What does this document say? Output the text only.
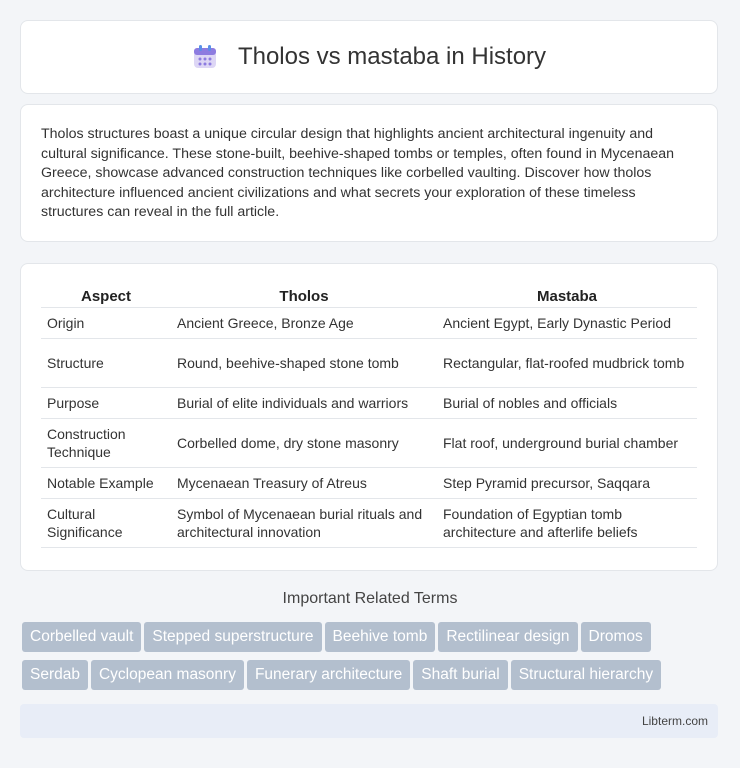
Tholos vs mastaba in History

Tholos structures boast a unique circular design that highlights ancient architectural ingenuity and cultural significance. These stone-built, beehive-shaped tombs or temples, often found in Mycenaean Greece, showcase advanced construction techniques like corbelled vaulting. Discover how tholos architecture influenced ancient civilizations and what secrets your exploration of these timeless structures can reveal in the full article.

Aspect	Tholos	Mastaba
Origin	Ancient Greece, Bronze Age	Ancient Egypt, Early Dynastic Period
Structure	Round, beehive-shaped stone tomb	Rectangular, flat-roofed mudbrick tomb
Purpose	Burial of elite individuals and warriors	Burial of nobles and officials
Construction Technique	Corbelled dome, dry stone masonry	Flat roof, underground burial chamber
Notable Example	Mycenaean Treasury of Atreus	Step Pyramid precursor, Saqqara
Cultural Significance	Symbol of Mycenaean burial rituals and architectural innovation	Foundation of Egyptian tomb architecture and afterlife beliefs
Important Related Terms
Corbelled vault Stepped superstructure Beehive tomb Rectilinear design Dromos
Serdab Cyclopean masonry Funerary architecture Shaft burial Structural hierarchy
Libterm.com
